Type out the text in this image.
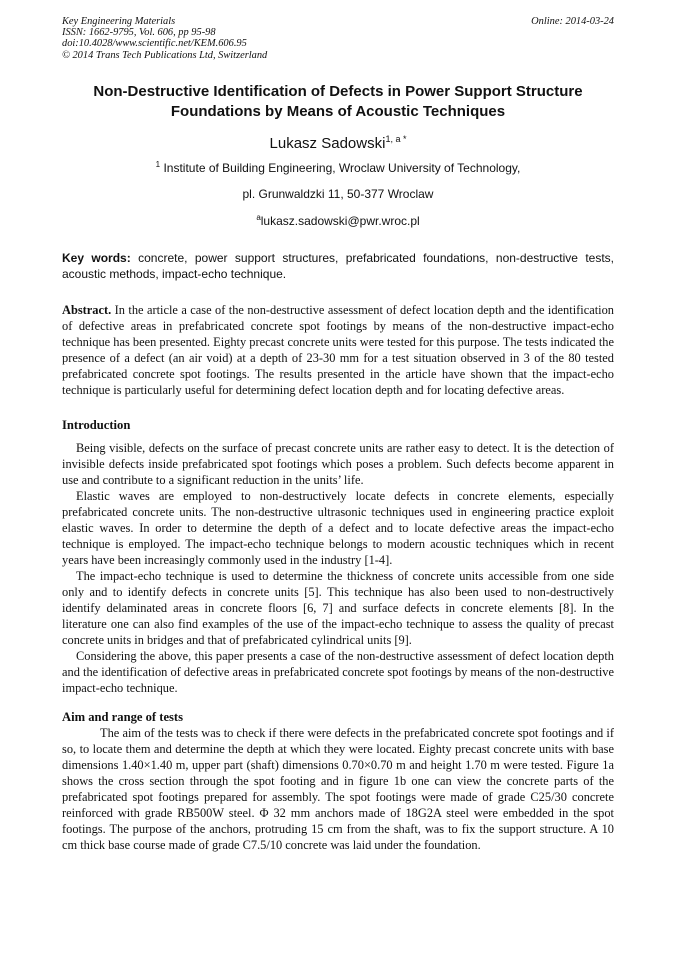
Key Engineering Materials
ISSN: 1662-9795, Vol. 606, pp 95-98
doi:10.4028/www.scientific.net/KEM.606.95
© 2014 Trans Tech Publications Ltd, Switzerland
Online: 2014-03-24
Non-Destructive Identification of Defects in Power Support Structure Foundations by Means of Acoustic Techniques
Lukasz Sadowski$^{1, a *}$
$^1$ Institute of Building Engineering, Wroclaw University of Technology,
pl. Grunwaldzki 11, 50-377 Wroclaw
$^a$lukasz.sadowski@pwr.wroc.pl
Key words: concrete, power support structures, prefabricated foundations, non-destructive tests, acoustic methods, impact-echo technique.
Abstract. In the article a case of the non-destructive assessment of defect location depth and the identification of defective areas in prefabricated concrete spot footings by means of the non-destructive impact-echo technique has been presented. Eighty precast concrete units were tested for this purpose. The tests indicated the presence of a defect (an air void) at a depth of 23-30 mm for a test situation observed in 3 of the 80 tested prefabricated concrete spot footings. The results presented in the article have shown that the impact-echo technique is particularly useful for determining defect location depth and for locating defective areas.
Introduction

Being visible, defects on the surface of precast concrete units are rather easy to detect. It is the detection of invisible defects inside prefabricated spot footings which poses a problem. Such defects become apparent in use and contribute to a significant reduction in the units’ life.

Elastic waves are employed to non-destructively locate defects in concrete elements, especially prefabricated concrete units. The non-destructive ultrasonic techniques used in engineering practice exploit elastic waves. In order to determine the depth of a defect and to locate defective areas the impact-echo technique is employed. The impact-echo technique belongs to modern acoustic techniques which in recent years have been increasingly commonly used in the industry [1-4].

The impact-echo technique is used to determine the thickness of concrete units accessible from one side only and to identify defects in concrete units [5]. This technique has also been used to non-destructively identify delaminated areas in concrete floors [6, 7] and surface defects in concrete elements [8]. In the literature one can also find examples of the use of the impact-echo technique to assess the quality of precast concrete units in bridges and that of prefabricated cylindrical units [9].

Considering the above, this paper presents a case of the non-destructive assessment of defect location depth and the identification of defective areas in prefabricated concrete spot footings by means of the non-destructive impact-echo technique.

Aim and range of tests

The aim of the tests was to check if there were defects in the prefabricated concrete spot footings and if so, to locate them and determine the depth at which they were located. Eighty precast concrete units with base dimensions 1.40×1.40 m, upper part (shaft) dimensions 0.70×0.70 m and height 1.70 m were tested. Figure 1a shows the cross section through the spot footing and in figure 1b one can view the concrete parts of the prefabricated spot footings prepared for assembly. The spot footings were made of grade C25/30 concrete reinforced with grade RB500W steel. Φ 32 mm anchors made of 18G2A steel were embedded in the spot footings. The purpose of the anchors, protruding 15 cm from the shaft, was to fix the support structure. A 10 cm thick base course made of grade C7.5/10 concrete was laid under the foundation.
